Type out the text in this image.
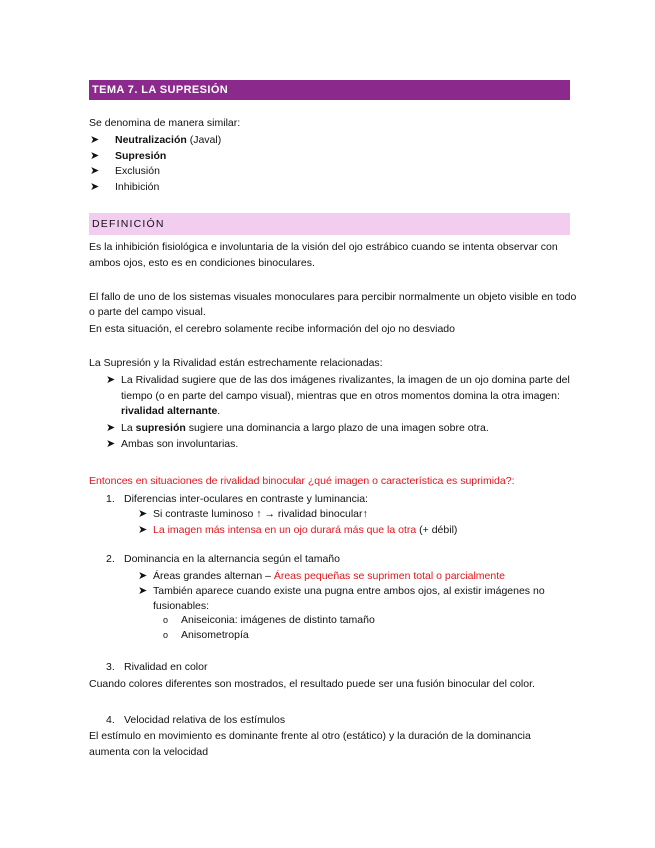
TEMA 7. LA SUPRESIÓN
Se denomina de manera similar:
➤ Neutralización (Javal)
➤ Supresión
➤ Exclusión
➤ Inhibición
DEFINICIÓN
Es la inhibición fisiológica e involuntaria de la visión del ojo estrábico cuando se intenta observar con
ambos ojos, esto es en condiciones binoculares.
El fallo de uno de los sistemas visuales monoculares para percibir normalmente un objeto visible en todo
o parte del campo visual.
En esta situación, el cerebro solamente recibe información del ojo no desviado
La Supresión y la Rivalidad están estrechamente relacionadas:
➤ La Rivalidad sugiere que de las dos imágenes rivalizantes, la imagen de un ojo domina parte del
tiempo (o en parte del campo visual), mientras que en otros momentos domina la otra imagen:
rivalidad alternante.
➤ La supresión sugiere una dominancia a largo plazo de una imagen sobre otra.
➤ Ambas son involuntarias.
Entonces en situaciones de rivalidad binocular ¿qué imagen o característica es suprimida?:
1. Diferencias inter-oculares en contraste y luminancia:
➤ Si contraste luminoso ↑ → rivalidad binocular↑
➤ La imagen más intensa en un ojo durará más que la otra (+ débil)
2. Dominancia en la alternancia según el tamaño
➤ Áreas grandes alternan – Áreas pequeñas se suprimen total o parcialmente
➤ También aparece cuando existe una pugna entre ambos ojos, al existir imágenes no
fusionables:
o Aniseiconia: imágenes de distinto tamaño
o Anisometropía
3. Rivalidad en color
Cuando colores diferentes son mostrados, el resultado puede ser una fusión binocular del color.
4. Velocidad relativa de los estímulos
El estímulo en movimiento es dominante frente al otro (estático) y la duración de la dominancia
aumenta con la velocidad
